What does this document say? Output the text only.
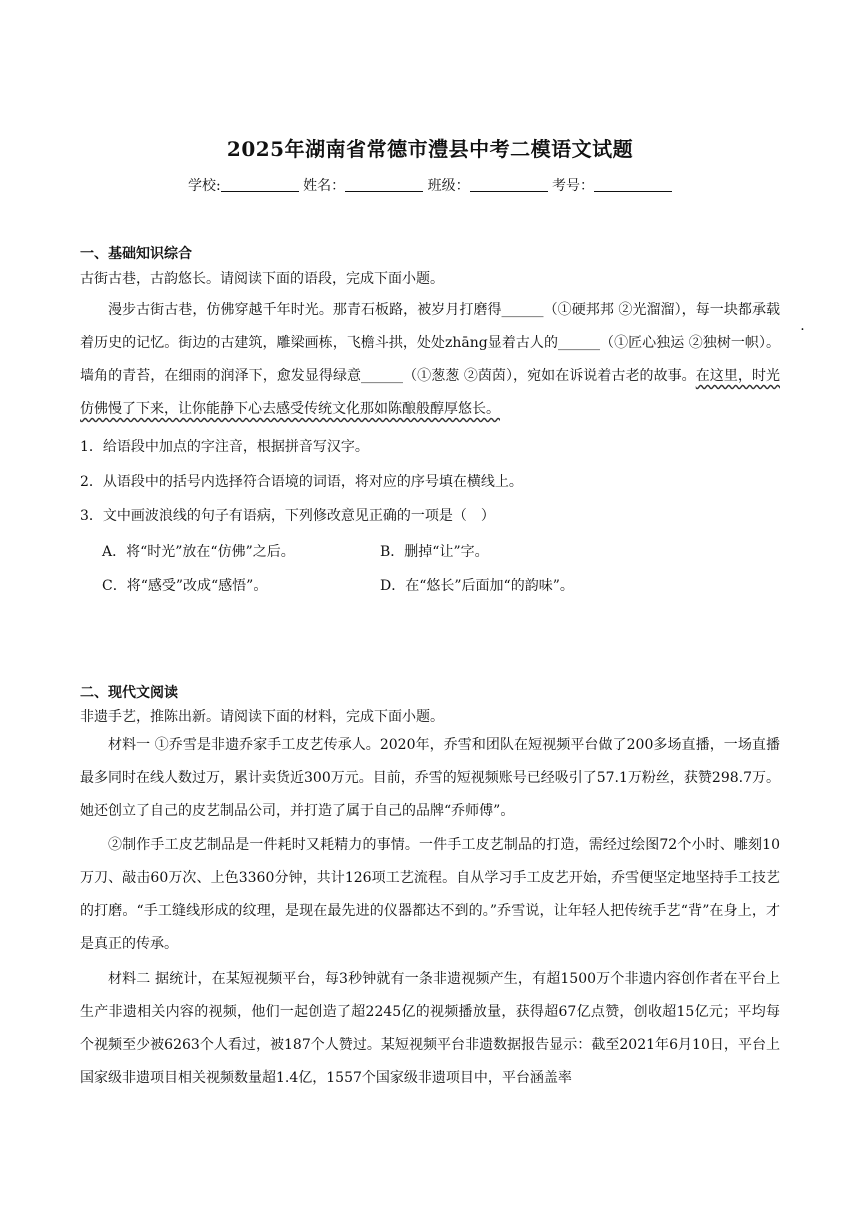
2025年湖南省常德市澧县中考二模语文试题
学校:	姓名：	班级：	考号：
一、基础知识综合
古街古巷，古韵悠长。请阅读下面的语段，完成下面小题。
漫步古街古巷，仿佛穿越千年时光。那青石板路，被岁月打磨得______（①硬邦邦 ②光溜溜），每一块都承载 ·着历史的记忆。街边的古建筑，雕梁画栋，飞檐斗拱，处处zhāng显着古人的______（①匠心独运 ②独树一帜）。墙角的青苔，在细雨的润泽下，愈发显得绿意______（①葱葱 ②茵茵），宛如在诉说着古老的故事。在这里，时光仿佛慢了下来，让你能静下心去感受传统文化那如陈酿般醇厚悠长。
1．给语段中加点的字注音，根据拼音写汉字。
2．从语段中的括号内选择符合语境的词语，将对应的序号填在横线上。
3．文中画波浪线的句子有语病，下列修改意见正确的一项是（　）
A．将“时光”放在“仿佛”之后。	B．删掉“让”字。
C．将“感受”改成“感悟”。	D．在“悠长”后面加“的韵味”。
二、现代文阅读
非遗手艺，推陈出新。请阅读下面的材料，完成下面小题。
材料一 ①乔雪是非遗乔家手工皮艺传承人。2020年，乔雪和团队在短视频平台做了200多场直播，一场直播最多同时在线人数过万，累计卖货近300万元。目前，乔雪的短视频账号已经吸引了57.1万粉丝，获赞298.7万。她还创立了自己的皮艺制品公司，并打造了属于自己的品牌“乔师傅”。
②制作手工皮艺制品是一件耗时又耗精力的事情。一件手工皮艺制品的打造，需经过绘图72个小时、雕刻10万刀、敲击60万次、上色3360分钟，共计126项工艺流程。自从学习手工皮艺开始，乔雪便坚定地坚持手工技艺的打磨。“手工缝线形成的纹理，是现在最先进的仪器都达不到的。”乔雪说，让年轻人把传统手艺“背”在身上，才是真正的传承。
材料二 据统计，在某短视频平台，每3秒钟就有一条非遗视频产生，有超1500万个非遗内容创作者在平台上生产非遗相关内容的视频，他们一起创造了超2245亿的视频播放量，获得超67亿点赞，创收超15亿元；平均每个视频至少被6263个人看过，被187个人赞过。某短视频平台非遗数据报告显示：截至2021年6月10日，平台上国家级非遗项目相关视频数量超1.4亿，1557个国家级非遗项目中，平台涵盖率
